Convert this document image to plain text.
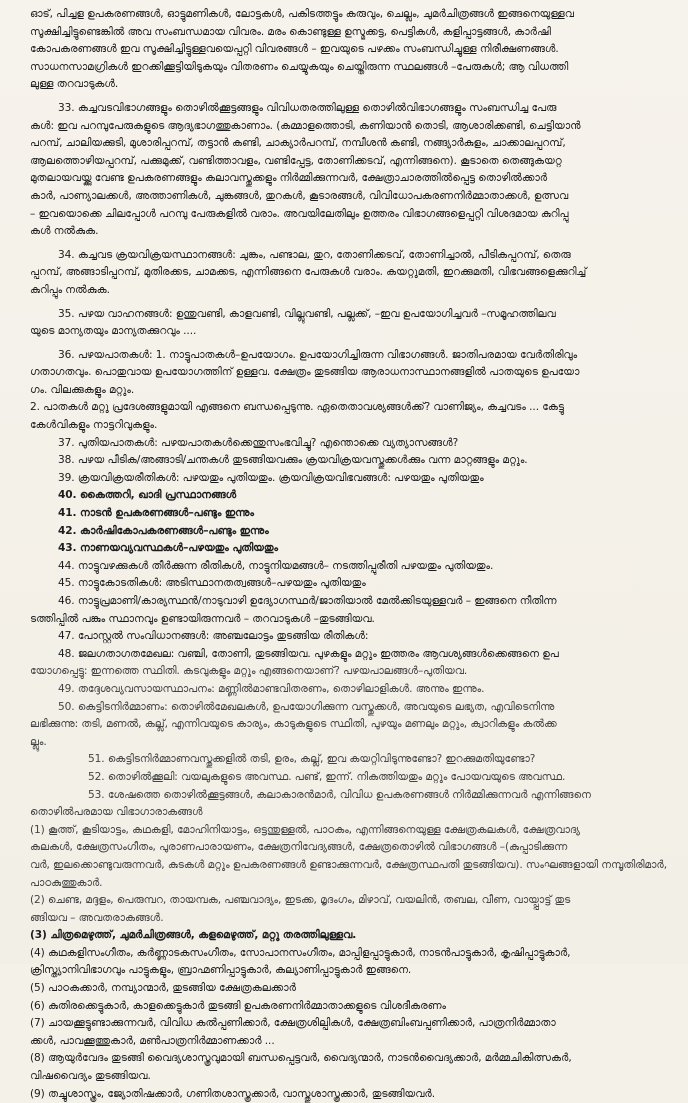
ഓട്, പിച്ചള ഉപകരണങ്ങൾ, ഓട്ടുമണികൾ, ലോട്ടകൾ, പകിടത്തട്ടും കരുവും, ചെല്ലം, ചുമർചിത്രങ്ങൾ ഇങ്ങനെയുള്ളവ
സൂക്ഷിച്ചിട്ടുണ്ടെങ്കിൽ അവ സംബന്ധമായ വിവരം. മരം കൊണ്ടുള്ള ഉസ്മക്കട്ട, പെട്ടികൾ, കളിപ്പാട്ടങ്ങൾ, കാർഷി
കോപകരണങ്ങൾ ഇവ സൂക്ഷിച്ചിട്ടുള്ളവയെപ്പറ്റി വിവരങ്ങൾ – ഇവയുടെ പഴക്കം സംബന്ധിച്ചുള്ള നിരീക്ഷണങ്ങൾ.
സാധനസാമഗ്രികൾ ഇറക്കിക്കൂട്ടിയിടുകയും വിതരണം ചെയ്യുകയും ചെയ്തിരുന്ന സ്ഥലങ്ങൾ –പേരുകൾ; ആ വിധത്തി
ലുള്ള തറവാടുകൾ.
33. കച്ചവടവിഭാഗങ്ങളും തൊഴിൽക്കൂട്ടങ്ങളും വിവിധതരത്തിലുള്ള തൊഴിൽവിഭാഗങ്ങളും സംബന്ധിച്ച പേരു
കൾ: ഇവ പറമ്പുപേരുകളുടെ ആദ്യഭാഗത്തുകാണാം. (കമ്മാളത്തൊടി, കണിയാൻ തൊടി, ആശാരിക്കണ്ടി, ചെട്ടിയാൻ
പറമ്പ്, ചാലിയക്കുടി, മുശാരിപ്പറമ്പ്, തട്ടാൻ കണ്ടി, ചാക്യാർപറമ്പ്, നമ്പീശൻ കണ്ടി, നങ്ങ്യാർകുളം, ചാക്കാലപ്പറമ്പ്,
ആലത്തൊഴിയപ്പറമ്പ്, പക്കുമുക്ക്, വണ്ടിത്താവളം, വണ്ടിപ്പേട്ട, തോണിക്കടവ്, എന്നിങ്ങനെ). കൂടാതെ തെങ്ങുകയറ്റ
മുതലായവയ്ക്കു വേണ്ട ഉപകരണങ്ങളും കലാവസ്തുക്കളും നിർമ്മിക്കുന്നവർ, ക്ഷേത്രാചാരത്തിൽപ്പെട്ട തൊഴിൽക്കാർ
കാർ, പാണ്യാലക്കൾ, അത്താണികൾ, ചുങ്കങ്ങൾ, തുറകൾ, കൂടാരങ്ങൾ, വിവിധോപകരണനിർമ്മാതാക്കൾ, ഉത്സവ
– ഇവയൊക്കെ ചിലപ്പോൾ പറമ്പു പേരുകളിൽ വരാം. അവയിലേതിലും ഉത്തരം വിഭാഗങ്ങളെപ്പറ്റി വിശദമായ കുറിപ്പു
കൾ നൽകുക.
34. കച്ചവട ക്രയവിക്രയസ്ഥാനങ്ങൾ: ചുങ്കം, പണ്ടാല, തുറ, തോണിക്കടവ്, തോണിച്ചാൽ, പീടികപ്പറമ്പ്, തെരു
പ്പറമ്പ്, അങ്ങാടിപ്പറമ്പ്, മുതിരക്കട, ചാമക്കട, എന്നിങ്ങനെ പേരുകൾ വരാം. കയറ്റുമതി, ഇറക്കുമതി, വിഭവങ്ങളെക്കുറിച്ച്
കുറിപ്പും നൽകുക.
35. പഴയ വാഹനങ്ങൾ: ഉന്തുവണ്ടി, കാളവണ്ടി, വില്ലുവണ്ടി, പല്ലക്ക്, –ഇവ ഉപയോഗിച്ചവർ –സമൂഹത്തിലവ
യുടെ മാന്യതയും മാന്യതക്കുറവും ....
36. പഴയപാതകൾ: 1. നാട്ടുപാതകൾ–ഉപയോഗം. ഉപയോഗിച്ചിരുന്ന വിഭാഗങ്ങൾ. ജാതിപരമായ വേർതിരിവും
ഗതാഗതവും. പൊതുവായ ഉപയോഗത്തിന് ഉള്ളവ. ക്ഷേത്രം തുടങ്ങിയ ആരാധനാസ്ഥാനങ്ങളിൽ പാതയുടെ ഉപയോ
ഗം. വിലക്കുകളും മറ്റും.
2. പാതകൾ മറ്റു പ്രദേശങ്ങളുമായി എങ്ങനെ ബന്ധപ്പെടുന്നു. ഏതെതാവശ്യങ്ങൾക്ക്? വാണിജ്യം, കച്ചവടം ... കേട്ടു
കേൾവികളും നാട്ടറിവുകളും.
37. പുതിയപാതകൾ: പഴയപാതകൾക്കെന്തുസംഭവിച്ചു? എന്തൊക്കെ വ്യത്യാസങ്ങൾ?
38. പഴയ പീടിക/അങ്ങാടി/ചന്തകൾ തുടങ്ങിയവക്കും ക്രയവിക്രയവസ്തുക്കൾക്കും വന്ന മാറ്റങ്ങളും മറ്റും.
39. ക്രയവിക്രയരീതികൾ: പഴയതും പുതിയതും. ക്രയവിക്രയവിഭവങ്ങൾ: പഴയതും പുതിയതും
40. കൈത്തറി, ഖാദി പ്രസ്ഥാനങ്ങൾ
41. നാടൻ ഉപകരണങ്ങൾ–പണ്ടും ഇന്നും
42. കാർഷികോപകരണങ്ങൾ–പണ്ടും ഇന്നും
43. നാണയവ്യവസ്ഥകൾ–പഴയതും പുതിയതും
44. നാട്ടുവഴക്കുകൾ തീർക്കുന്ന രീതികൾ, നാട്ടുനിയമങ്ങൾ– നടത്തിപ്പുരീതി പഴയതും പുതിയതും.
45. നാട്ടുകോടതികൾ: അടിസ്ഥാനതത്വങ്ങൾ–പഴയതും പുതിയതും
46. നാട്ടുപ്രമാണി/കാര്യസ്ഥൻ/നാടുവാഴി ഉദ്യോഗസ്ഥർ/ജാതിയാൽ മേൽക്കിടയുള്ളവർ – ഇങ്ങനെ നീതിന്ന
ടത്തിപ്പിൽ പങ്കും സ്ഥാനവും ഉണ്ടായിരുന്നവർ – തറവാടുകൾ –തുടങ്ങിയവ.
47. പോസ്റ്റൽ സംവിധാനങ്ങൾ: അഞ്ചലോട്ടം തുടങ്ങിയ രീതികൾ:
48. ജലഗതാഗതമേഖല: വഞ്ചി, തോണി, തുടങ്ങിയവ. പുഴകളും മറ്റും ഇത്തരം ആവശ്യങ്ങൾക്കെങ്ങനെ ഉപ
യോഗപ്പെട്ടു: ഇന്നത്തെ സ്ഥിതി. കടവുകളും മറ്റും എങ്ങനെയാണ്? പഴയപാലങ്ങൾ–പുതിയവ.
49. തദ്ദേശവ്യവസായസ്ഥാപനം: മണ്ണിൽമാണ്ടവിതരണം, തൊഴിലാളികൾ. അന്നും ഇന്നും.
50. കെട്ടിടനിർമ്മാണം: തൊഴിൽമേഖലകൾ, ഉപയോഗിക്കുന്ന വസ്തുക്കൾ, അവയുടെ ലഭ്യത, എവിടെനിന്നു
ലഭിക്കുന്നു: തടി, മണൽ, കല്ല്, എന്നിവയുടെ കാര്യം, കാടുകളുടെ സ്ഥിതി, പുഴയും മണലും മറ്റും, ക്വാറികളും കൽക്ക
ല്ലും.
51. കെട്ടിടനിർമ്മാണവസ്തുക്കളിൽ തടി, ഉരം, കല്ല്, ഇവ കയറ്റിവിടുന്നുണ്ടോ? ഇറക്കുമതിയുണ്ടോ?
52. തൊഴിൽക്കൂലി: വയലുകളുടെ അവസ്ഥ. പണ്ട്, ഇന്ന്. നികത്തിയതും മറ്റും പോയവയുടെ അവസ്ഥ.
53. ശേഷത്തെ തൊഴിൽക്കൂട്ടങ്ങൾ, കലാകാരൻമാർ, വിവിധ ഉപകരണങ്ങൾ നിർമ്മിക്കുന്നവർ എന്നിങ്ങനെ
തൊഴിൽപരമായ വിഭാഗാരാകങ്ങൾ
(1) കൂത്ത്, കൂടിയാട്ടം, കഥകളി, മോഹിനിയാട്ടം, ഒട്ടന്തുള്ളൽ, പാഠകം, എന്നിങ്ങനെയുള്ള ക്ഷേത്രകലകൾ, ക്ഷേത്രവാദ്യ
കലകൾ, ക്ഷേത്രസംഗീതം, പുരാണപാരായണം, ക്ഷേത്രനിവേദ്യങ്ങൾ, ക്ഷേത്രതൊഴിൽ വിഭാഗങ്ങൾ –(കുപ്പാടിക്കുന്ന
വർ, ഇലക്കൊണ്ടുവരുന്നവർ, കുടകൾ മറ്റും ഉപകരണങ്ങൾ ഉണ്ടാക്കുന്നവർ, ക്ഷേത്രസ്ഥപതി തുടങ്ങിയവ). സംഘങ്ങളായി നമ്പൂതിരിമാർ,
പാഠകുത്തുകാർ.
(2) ചെണ്ട, മദ്ദളം, പെരുമ്പറ, തായമ്പക, പഞ്ചവാദ്യം, ഇടക്ക, മൃദംഗം, മിഴാവ്, വയലിൻ, തബല, വീണ, വായ്പ്പാട്ട് തുട
ങ്ങിയവ – അവതരാകങ്ങൾ.
(3) ചിത്രമെഴുത്ത്, ചുമർചിത്രങ്ങൾ, കളമെഴുത്ത്, മറ്റു തരത്തിലുള്ളവ.
(4) കഥകളിസംഗീതം, കർണ്ണാടകസംഗീതം, സോപാനസംഗീതം, മാപ്പിളപ്പാട്ടുകാർ, നാടൻപാട്ടുകാർ, കൃഷിപ്പാട്ടുകാർ,
ക്രിസ്ത്യാനിവിഭാഗവും പാട്ടുകളും, ബ്രാഹ്മണിപ്പാട്ടുകാർ, കല്യാണിപ്പാട്ടുകാർ ഇങ്ങനെ.
(5) പാഠകക്കാർ, നമ്പ്യാന്മാർ, തുടങ്ങിയ ക്ഷേത്രകലക്കാർ
(6) കുതിരക്കെട്ടുകാർ, കാളക്കെട്ടുകാർ തുടങ്ങി ഉപകരണനിർമ്മാതാക്കളുടെ വിശദീകരണം
(7) ചായക്കൂട്ടുണ്ടാക്കുന്നവർ, വിവിധ കൽപ്പണിക്കാർ, ക്ഷേത്രശില്പികൾ, ക്ഷേത്രബിംബപ്പണിക്കാർ, പാത്രനിർമ്മാതാ
ക്കൾ, പാവക്കൂത്തുകാർ, മൺപാത്രനിർമ്മാണക്കാർ ...
(8) ആയുർവേദം തുടങ്ങി വൈദ്യശാസ്ത്രവുമായി ബന്ധപ്പെട്ടവർ, വൈദ്യന്മാർ, നാടൻവൈദ്യക്കാർ, മർമ്മചികിത്സകർ,
വിഷവൈദ്യം തുടങ്ങിയവ.
(9) തച്ചുശാസ്ത്രം, ജ്യോതിഷക്കാർ, ഗണിതശാസ്ത്രക്കാർ, വാസ്തുശാസ്ത്രക്കാർ, തുടങ്ങിയവർ.
